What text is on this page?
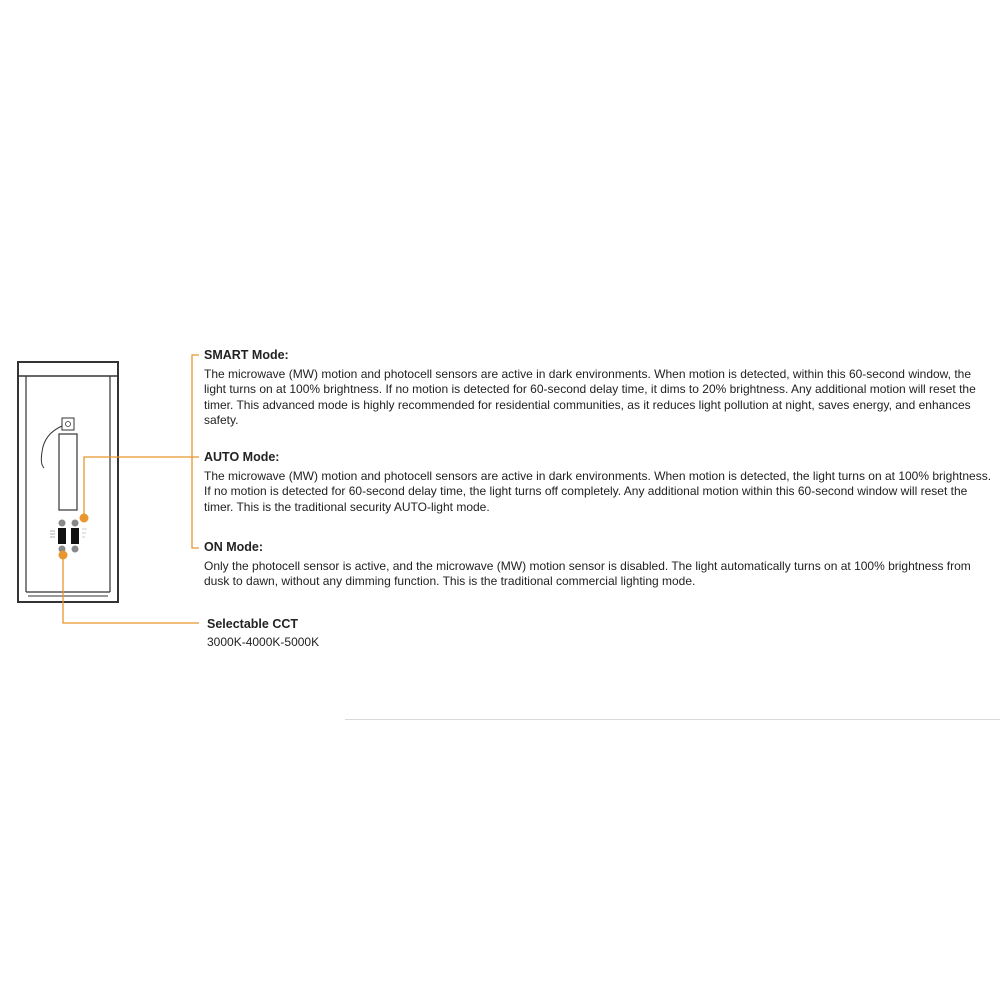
SMART Mode:

The microwave (MW) motion and photocell sensors are active in dark environments. When motion is detected, within this 60-second window, the light turns on at 100% brightness. If no motion is detected for 60-second delay time, it dims to 20% brightness. Any additional motion will reset the timer. This advanced mode is highly recommended for residential communities, as it reduces light pollution at night, saves energy, and enhances safety.

AUTO Mode:

The microwave (MW) motion and photocell sensors are active in dark environments. When motion is detected, the light turns on at 100% brightness. If no motion is detected for 60-second delay time, the light turns off completely. Any additional motion within this 60-second window will reset the timer. This is the traditional security AUTO-light mode.

ON Mode:

Only the photocell sensor is active, and the microwave (MW) motion sensor is disabled. The light automatically turns on at 100% brightness from dusk to dawn, without any dimming function. This is the traditional commercial lighting mode.

Selectable CCT
3000K-4000K-5000K
